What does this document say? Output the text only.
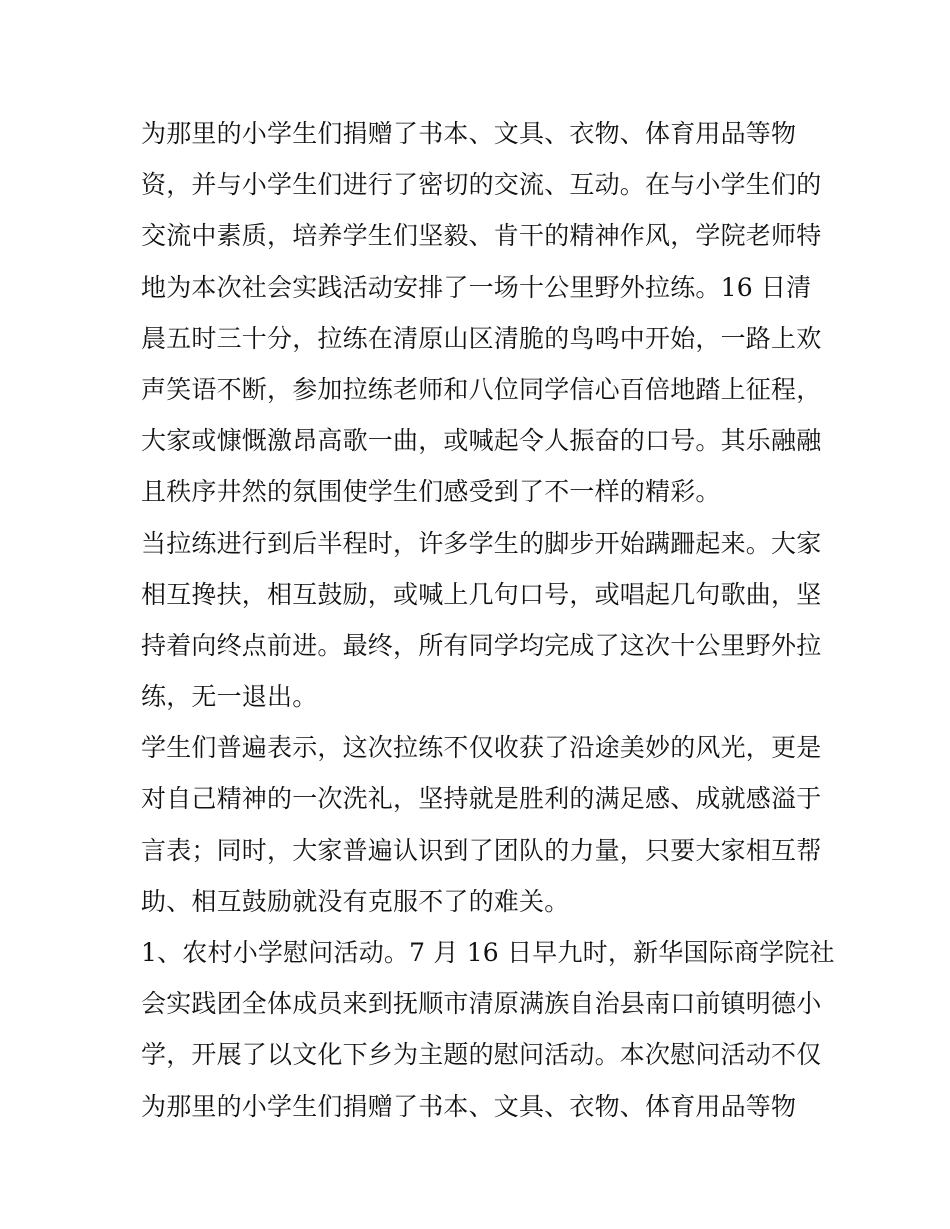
为那里的小学生们捐赠了书本、文具、衣物、体育用品等物
资，并与小学生们进行了密切的交流、互动。在与小学生们的
交流中素质，培养学生们坚毅、肯干的精神作风，学院老师特
地为本次社会实践活动安排了一场十公里野外拉练。16 日清
晨五时三十分，拉练在清原山区清脆的鸟鸣中开始，一路上欢
声笑语不断，参加拉练老师和八位同学信心百倍地踏上征程，
大家或慷慨激昂高歌一曲，或喊起令人振奋的口号。其乐融融
且秩序井然的氛围使学生们感受到了不一样的精彩。
当拉练进行到后半程时，许多学生的脚步开始蹒跚起来。大家
相互搀扶，相互鼓励，或喊上几句口号，或唱起几句歌曲，坚
持着向终点前进。最终，所有同学均完成了这次十公里野外拉
练，无一退出。
学生们普遍表示，这次拉练不仅收获了沿途美妙的风光，更是
对自己精神的一次洗礼，坚持就是胜利的满足感、成就感溢于
言表；同时，大家普遍认识到了团队的力量，只要大家相互帮
助、相互鼓励就没有克服不了的难关。
1、农村小学慰问活动。7 月 16 日早九时，新华国际商学院社
会实践团全体成员来到抚顺市清原满族自治县南口前镇明德小
学，开展了以文化下乡为主题的慰问活动。本次慰问活动不仅
为那里的小学生们捐赠了书本、文具、衣物、体育用品等物
